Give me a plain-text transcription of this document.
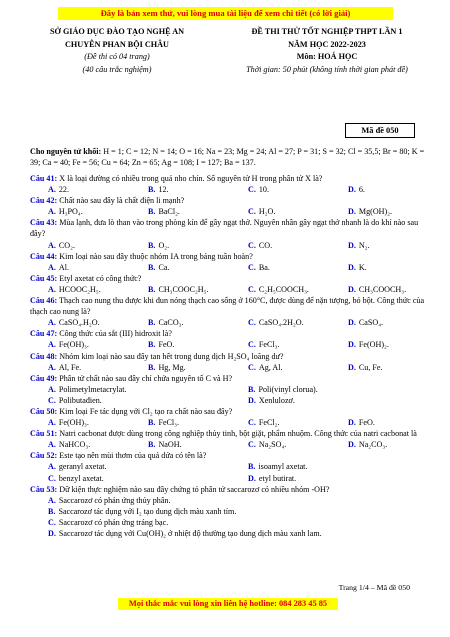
Đây là bản xem thử, vui lòng mua tài liệu để xem chi tiết (có lời giải)
SỞ GIÁO DỤC ĐÀO TẠO NGHỆ AN
CHUYÊN PHAN BỘI CHÂU
(Đề thi có 04 trang)
(40 câu trắc nghiệm)
ĐỀ THI THỬ TỐT NGHIỆP THPT LẦN 1
NĂM HỌC 2022-2023
Môn: HOÁ HỌC
Thời gian: 50 phút (không tính thời gian phát đề)
Mã đề 050
Cho nguyên tử khối: H = 1; C = 12; N = 14; O = 16; Na = 23; Mg = 24; Al = 27; P = 31; S = 32; Cl = 35,5; Br = 80; K = 39; Ca = 40; Fe = 56; Cu = 64; Zn = 65; Ag = 108; I = 127; Ba = 137.
Câu 41: X là loại đường có nhiều trong quả nho chín. Số nguyên tử H trong phân tử X là?
A. 22.	B. 12.	C. 10.	D. 6.
Câu 42: Chất nào sau đây là chất điện li mạnh?
A. H₃PO₄.	B. BaCl₂.	C. H₂O.	D. Mg(OH)₂.
Câu 43: Mùa lạnh, đưa lò than vào trong phòng kín để gây ngạt thở. Nguyên nhân gây ngạt thở nhanh là do khí nào sau đây?
A. CO₂.	B. O₂.	C. CO.	D. N₂.
Câu 44: Kim loại nào sau đây thuộc nhóm IA trong bảng tuần hoàn?
A. Al.	B. Ca.	C. Ba.	D. K.
Câu 45: Etyl axetat có công thức?
A. HCOOC₂H₅.	B. CH₃COOC₂H₅.	C. C₂H₅COOCH₃.	D. CH₃COOCH₃.
Câu 46: Thạch cao nung thu được khi đun nóng thạch cao sống ở 160°C, được dùng để nặn tượng, bó bột. Công thức của thạch cao nung là?
A. CaSO₄.H₂O.	B. CaCO₃.	C. CaSO₄.2H₂O.	D. CaSO₄.
Câu 47: Công thức của sắt (III) hidroxit là?
A. Fe(OH)₃.	B. FeO.	C. FeCl₃.	D. Fe(OH)₂.
Câu 48: Nhóm kim loại nào sau đây tan hết trong dung dịch H₂SO₄ loãng dư?
A. Al, Fe.	B. Hg, Mg.	C. Ag, Al.	D. Cu, Fe.
Câu 49: Phân tử chất nào sau đây chỉ chứa nguyên tố C và H?
A. Polimetylmetacrylat.	B. Poli(vinyl clorua).
C. Polibutađien.	D. Xenlulozơ.
Câu 50: Kim loại Fe tác dụng với Cl₂ tạo ra chất nào sau đây?
A. Fe(OH)₃.	B. FeCl₃.	C. FeCl₂.	D. FeO.
Câu 51: Natri cacbonat được dùng trong công nghiệp thủy tinh, bột giặt, phẩm nhuộm. Công thức của natri cacbonat là
A. NaHCO₃.	B. NaOH.	C. Na₂SO₄.	D. Na₂CO₃.
Câu 52: Este tạo nên mùi thơm của quả dứa có tên là?
A. geranyl axetat.	B. isoamyl axetat.
C. benzyl axetat.	D. etyl butirat.
Câu 53: Dữ kiện thực nghiệm nào sau đây chứng tỏ phân tử saccarozơ có nhiều nhóm -OH?
A. Saccarozơ có phản ứng thủy phân.
B. Saccarozơ tác dụng với I₂ tạo dung dịch màu xanh tím.
C. Saccarozơ có phản ứng tráng bạc.
D. Saccarozơ tác dụng với Cu(OH)₂ ở nhiệt độ thường tạo dung dịch màu xanh lam.
Trang 1/4 – Mã đề 050
Mọi thắc mắc vui lòng xin liên hệ hotline: 084 283 45 85
